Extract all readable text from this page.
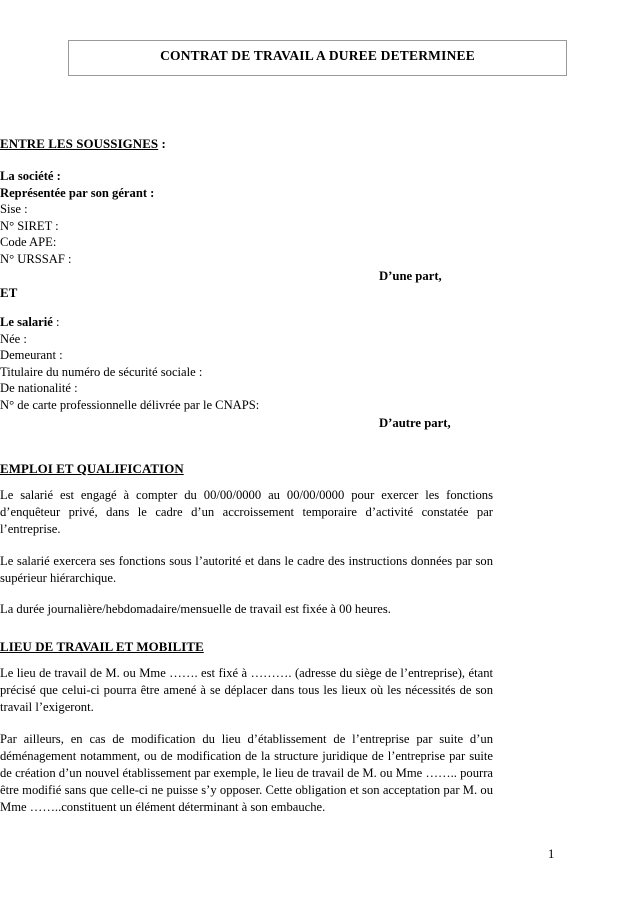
CONTRAT DE TRAVAIL A DUREE DETERMINEE
ENTRE LES SOUSSIGNES :
La société :
Représentée par son gérant :
Sise :
N° SIRET :
Code APE:
N° URSSAF :
D’une part,
ET
Le salarié :
Née :
Demeurant :
Titulaire du numéro de sécurité sociale :
De nationalité :
N° de carte professionnelle délivrée par le CNAPS:
D’autre part,
EMPLOI ET QUALIFICATION

Le salarié est engagé à compter du 00/00/0000 au 00/00/0000 pour exercer les fonctions d’enquêteur privé, dans le cadre d’un accroissement temporaire d’activité constatée par l’entreprise.

Le salarié exercera ses fonctions sous l’autorité et dans le cadre des instructions données par son supérieur hiérarchique.

La durée journalière/hebdomadaire/mensuelle de travail est fixée à 00 heures.

LIEU DE TRAVAIL ET MOBILITE

Le lieu de travail de M. ou Mme ……. est fixé à ………. (adresse du siège de l’entreprise), étant précisé que celui-ci pourra être amené à se déplacer dans tous les lieux où les nécessités de son travail l’exigeront.

Par ailleurs, en cas de modification du lieu d’établissement de l’entreprise par suite d’un déménagement notamment, ou de modification de la structure juridique de l’entreprise par suite de création d’un nouvel établissement par exemple, le lieu de travail de M. ou Mme …….. pourra être modifié sans que celle-ci ne puisse s’y opposer. Cette obligation et son acceptation par M. ou Mme ……..constituent un élément déterminant à son embauche.

1
